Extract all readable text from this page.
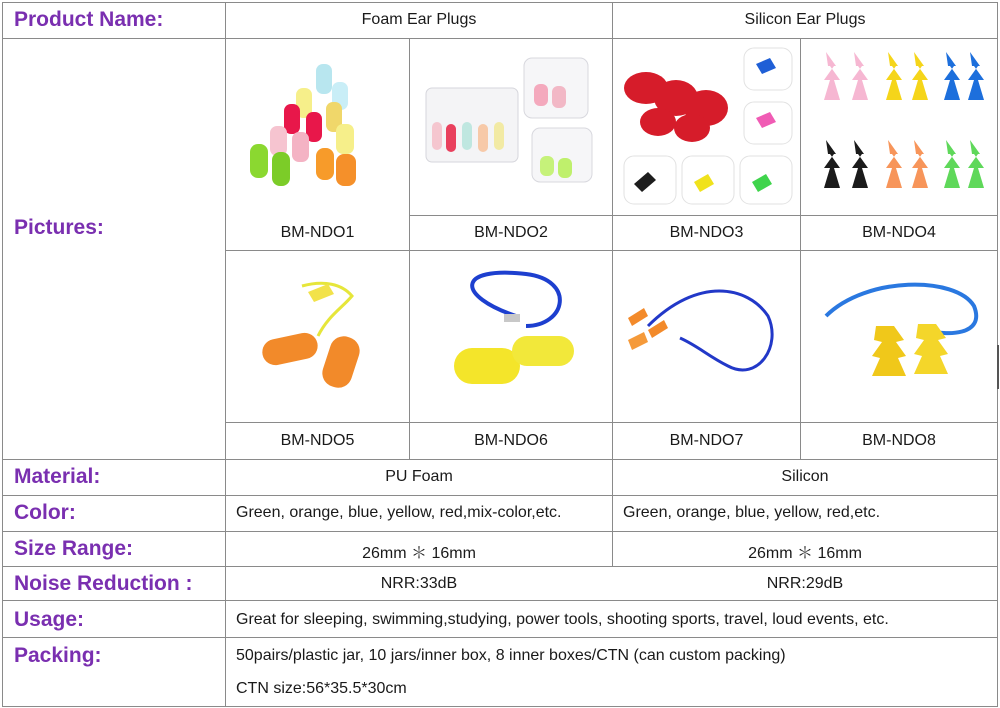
Product Name:	Foam Ear Plugs	Silicon Ear Plugs
Pictures:	BM-NDO1	BM-NDO2	BM-NDO3	BM-NDO4
BM-NDO5	BM-NDO6	BM-NDO7	BM-NDO8
Material:	PU Foam	Silicon
Color:	Green, orange, blue, yellow, red,mix-color,etc.	Green, orange, blue, yellow, red,etc.
Size Range:	26mm ＊ 16mm	26mm ＊ 16mm
Noise Reduction :	NRR:33dB	NRR:29dB
Usage:	Great for sleeping, swimming,studying, power tools, shooting sports, travel, loud events, etc.
Packing:	50pairs/plastic jar, 10 jars/inner box, 8 inner boxes/CTN (can custom packing)
CTN size:56*35.5*30cm
